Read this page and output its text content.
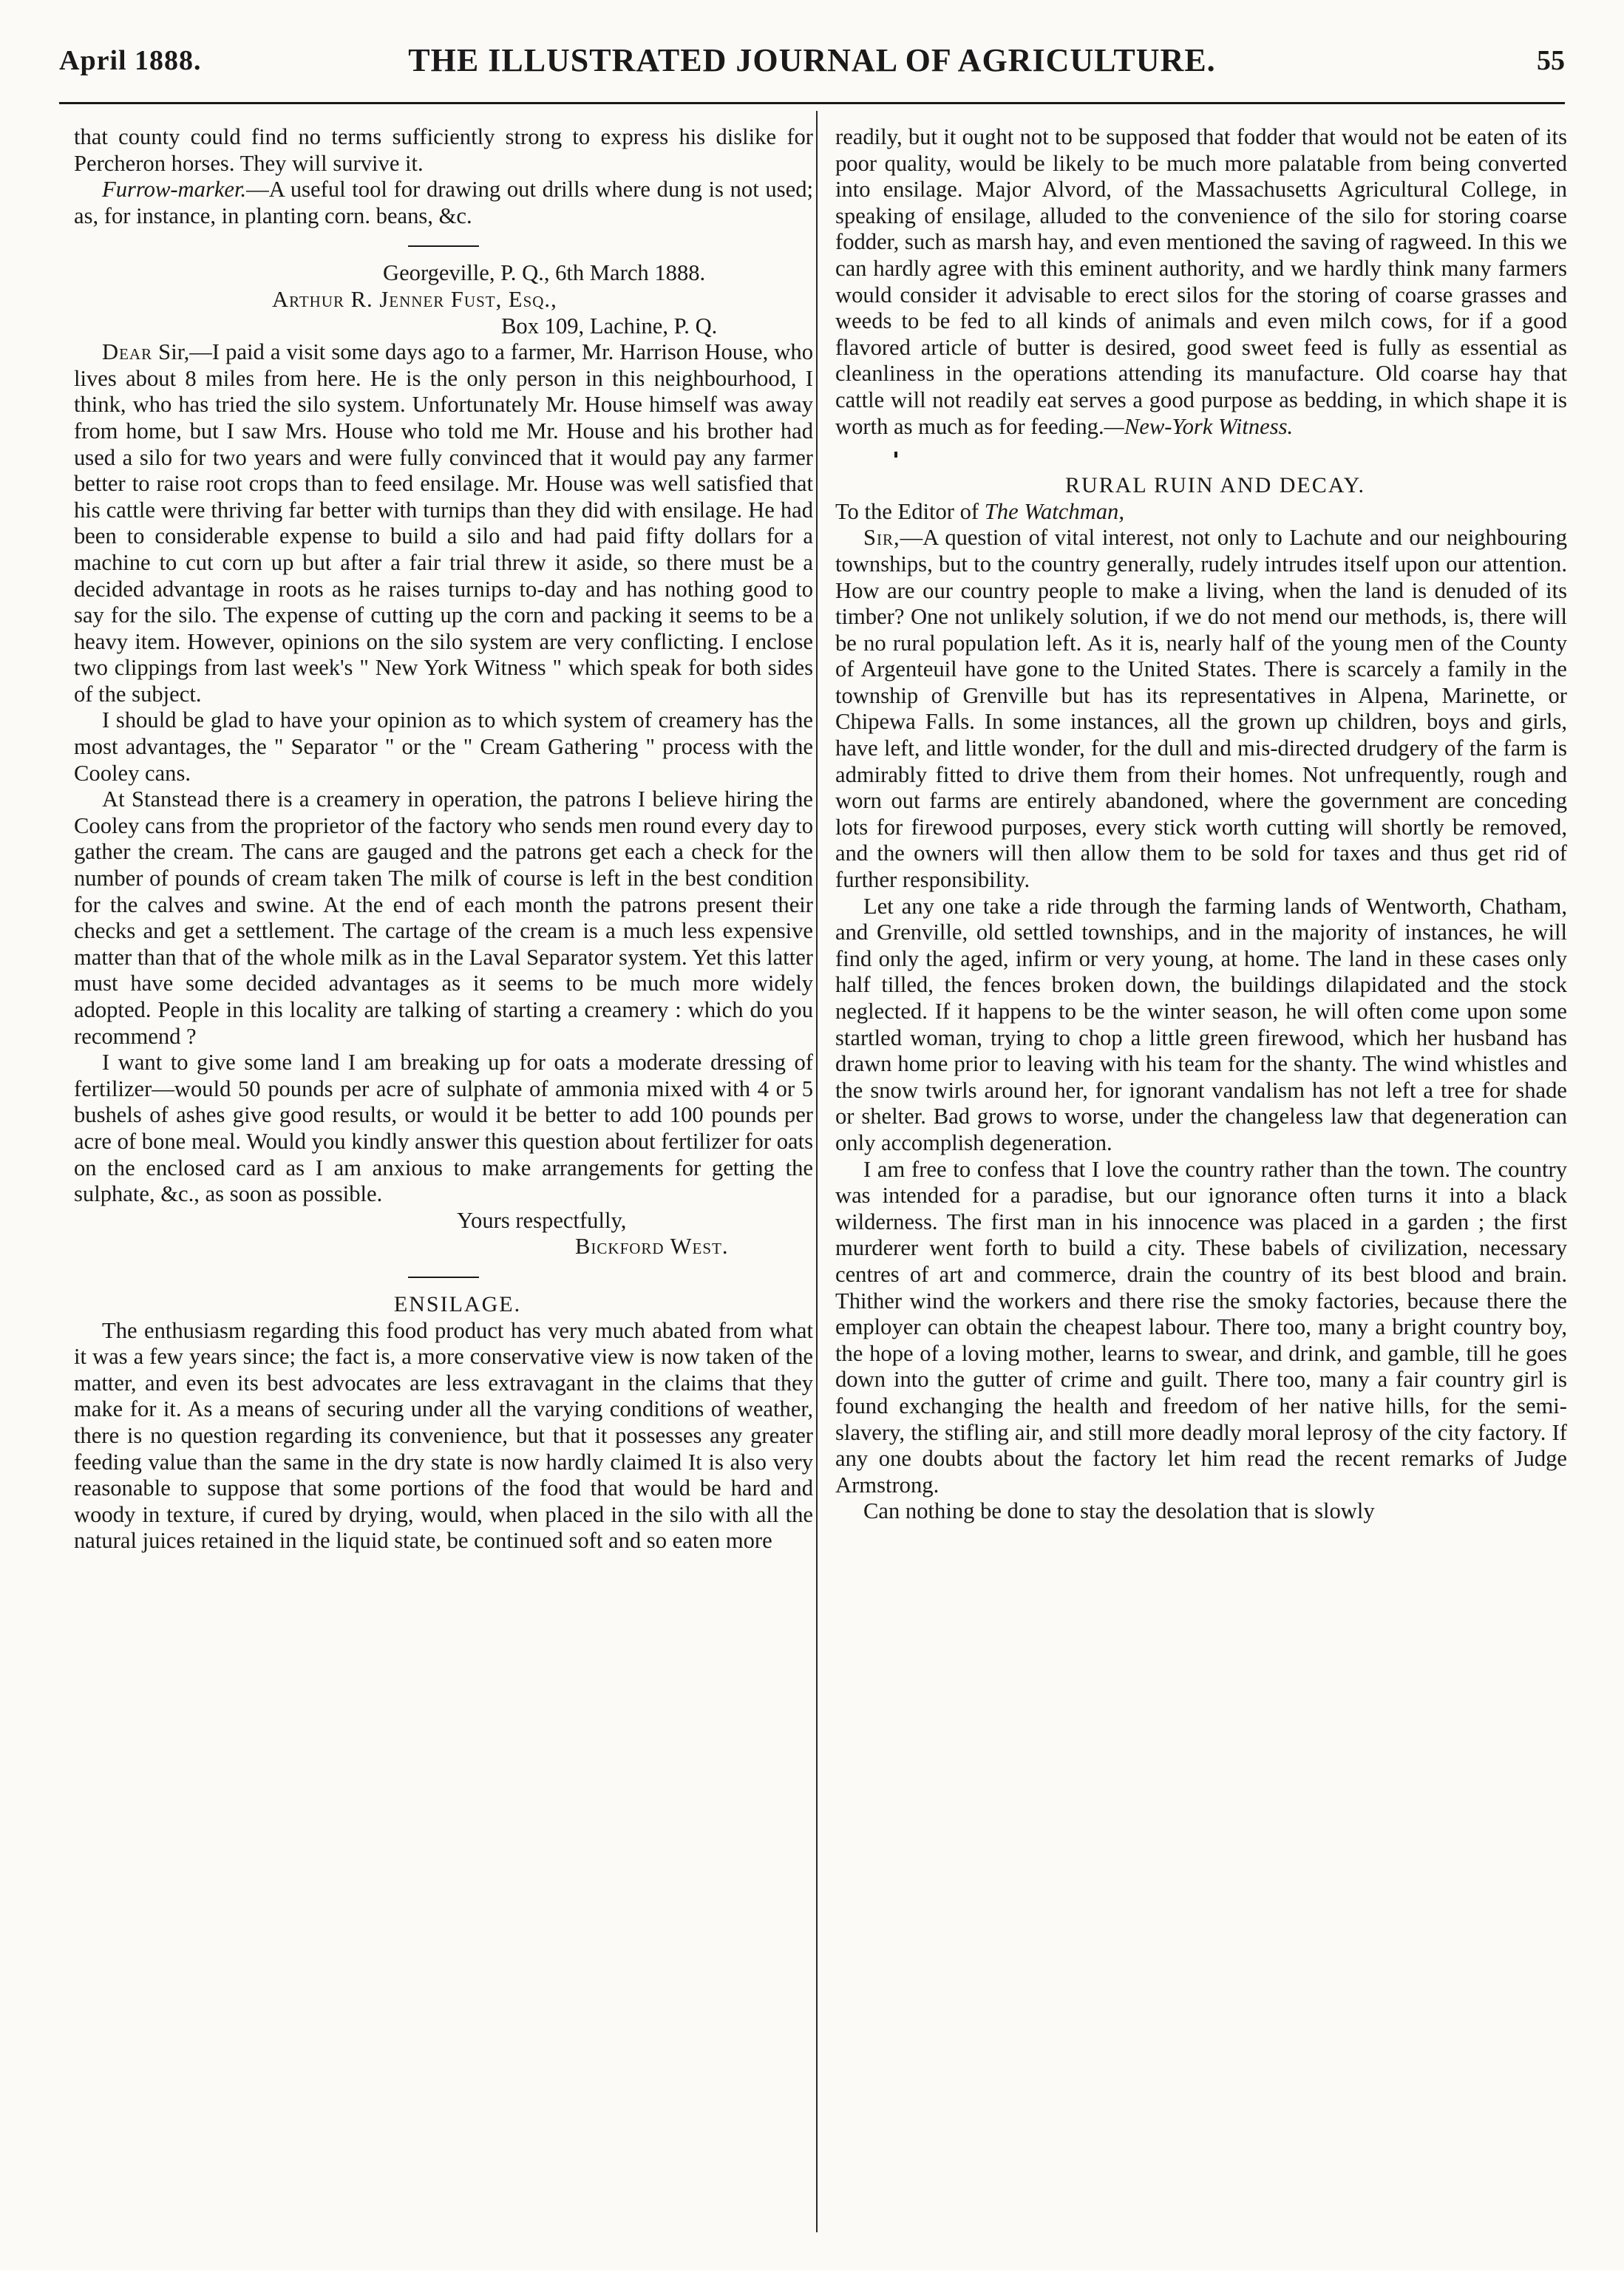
April 1888.	THE ILLUSTRATED JOURNAL OF AGRICULTURE.	55

that county could find no terms sufficiently strong to express his dislike for Percheron horses. They will survive it.

Furrow-marker.—A useful tool for drawing out drills where dung is not used; as, for instance, in planting corn. beans, &c.

Georgeville, P. Q., 6th March 1888.

Arthur R. Jenner Fust, Esq.,

Box 109, Lachine, P. Q.

Dear Sir,—I paid a visit some days ago to a farmer, Mr. Harrison House, who lives about 8 miles from here. He is the only person in this neighbourhood, I think, who has tried the silo system. Unfortunately Mr. House himself was away from home, but I saw Mrs. House who told me Mr. House and his brother had used a silo for two years and were fully convinced that it would pay any farmer better to raise root crops than to feed ensilage. Mr. House was well satisfied that his cattle were thriving far better with turnips than they did with ensilage. He had been to considerable expense to build a silo and had paid fifty dollars for a machine to cut corn up but after a fair trial threw it aside, so there must be a decided advantage in roots as he raises turnips to-day and has nothing good to say for the silo. The expense of cutting up the corn and packing it seems to be a heavy item. However, opinions on the silo system are very conflicting. I enclose two clippings from last week's " New York Witness " which speak for both sides of the subject.

I should be glad to have your opinion as to which system of creamery has the most advantages, the " Separator " or the " Cream Gathering " process with the Cooley cans.

At Stanstead there is a creamery in operation, the patrons I believe hiring the Cooley cans from the proprietor of the factory who sends men round every day to gather the cream. The cans are gauged and the patrons get each a check for the number of pounds of cream taken The milk of course is left in the best condition for the calves and swine. At the end of each month the patrons present their checks and get a settlement. The cartage of the cream is a much less expensive matter than that of the whole milk as in the Laval Separator system. Yet this latter must have some decided advantages as it seems to be much more widely adopted. People in this locality are talking of starting a creamery : which do you recommend ?

I want to give some land I am breaking up for oats a moderate dressing of fertilizer—would 50 pounds per acre of sulphate of ammonia mixed with 4 or 5 bushels of ashes give good results, or would it be better to add 100 pounds per acre of bone meal. Would you kindly answer this question about fertilizer for oats on the enclosed card as I am anxious to make arrangements for getting the sulphate, &c., as soon as possible.

Yours respectfully,

Bickford West.

ENSILAGE.

The enthusiasm regarding this food product has very much abated from what it was a few years since; the fact is, a more conservative view is now taken of the matter, and even its best advocates are less extravagant in the claims that they make for it. As a means of securing under all the varying conditions of weather, there is no question regarding its convenience, but that it possesses any greater feeding value than the same in the dry state is now hardly claimed It is also very reasonable to suppose that some portions of the food that would be hard and woody in texture, if cured by drying, would, when placed in the silo with all the natural juices retained in the liquid state, be continued soft and so eaten more

readily, but it ought not to be supposed that fodder that would not be eaten of its poor quality, would be likely to be much more palatable from being converted into ensilage. Major Alvord, of the Massachusetts Agricultural College, in speaking of ensilage, alluded to the convenience of the silo for storing coarse fodder, such as marsh hay, and even mentioned the saving of ragweed. In this we can hardly agree with this eminent authority, and we hardly think many farmers would consider it advisable to erect silos for the storing of coarse grasses and weeds to be fed to all kinds of animals and even milch cows, for if a good flavored article of butter is desired, good sweet feed is fully as essential as cleanliness in the operations attending its manufacture. Old coarse hay that cattle will not readily eat serves a good purpose as bedding, in which shape it is worth as much as for feeding.—New-York Witness.

RURAL RUIN AND DECAY.

To the Editor of The Watchman,

Sir,—A question of vital interest, not only to Lachute and our neighbouring townships, but to the country generally, rudely intrudes itself upon our attention. How are our country people to make a living, when the land is denuded of its timber? One not unlikely solution, if we do not mend our methods, is, there will be no rural population left. As it is, nearly half of the young men of the County of Argenteuil have gone to the United States. There is scarcely a family in the township of Grenville but has its representatives in Alpena, Marinette, or Chipewa Falls. In some instances, all the grown up children, boys and girls, have left, and little wonder, for the dull and mis-directed drudgery of the farm is admirably fitted to drive them from their homes. Not unfrequently, rough and worn out farms are entirely abandoned, where the government are conceding lots for firewood purposes, every stick worth cutting will shortly be removed, and the owners will then allow them to be sold for taxes and thus get rid of further responsibility.

Let any one take a ride through the farming lands of Wentworth, Chatham, and Grenville, old settled townships, and in the majority of instances, he will find only the aged, infirm or very young, at home. The land in these cases only half tilled, the fences broken down, the buildings dilapidated and the stock neglected. If it happens to be the winter season, he will often come upon some startled woman, trying to chop a little green firewood, which her husband has drawn home prior to leaving with his team for the shanty. The wind whistles and the snow twirls around her, for ignorant vandalism has not left a tree for shade or shelter. Bad grows to worse, under the changeless law that degeneration can only accomplish degeneration.

I am free to confess that I love the country rather than the town. The country was intended for a paradise, but our ignorance often turns it into a black wilderness. The first man in his innocence was placed in a garden ; the first murderer went forth to build a city. These babels of civilization, necessary centres of art and commerce, drain the country of its best blood and brain. Thither wind the workers and there rise the smoky factories, because there the employer can obtain the cheapest labour. There too, many a bright country boy, the hope of a loving mother, learns to swear, and drink, and gamble, till he goes down into the gutter of crime and guilt. There too, many a fair country girl is found exchanging the health and freedom of her native hills, for the semi-slavery, the stifling air, and still more deadly moral leprosy of the city factory. If any one doubts about the factory let him read the recent remarks of Judge Armstrong.

Can nothing be done to stay the desolation that is slowly
